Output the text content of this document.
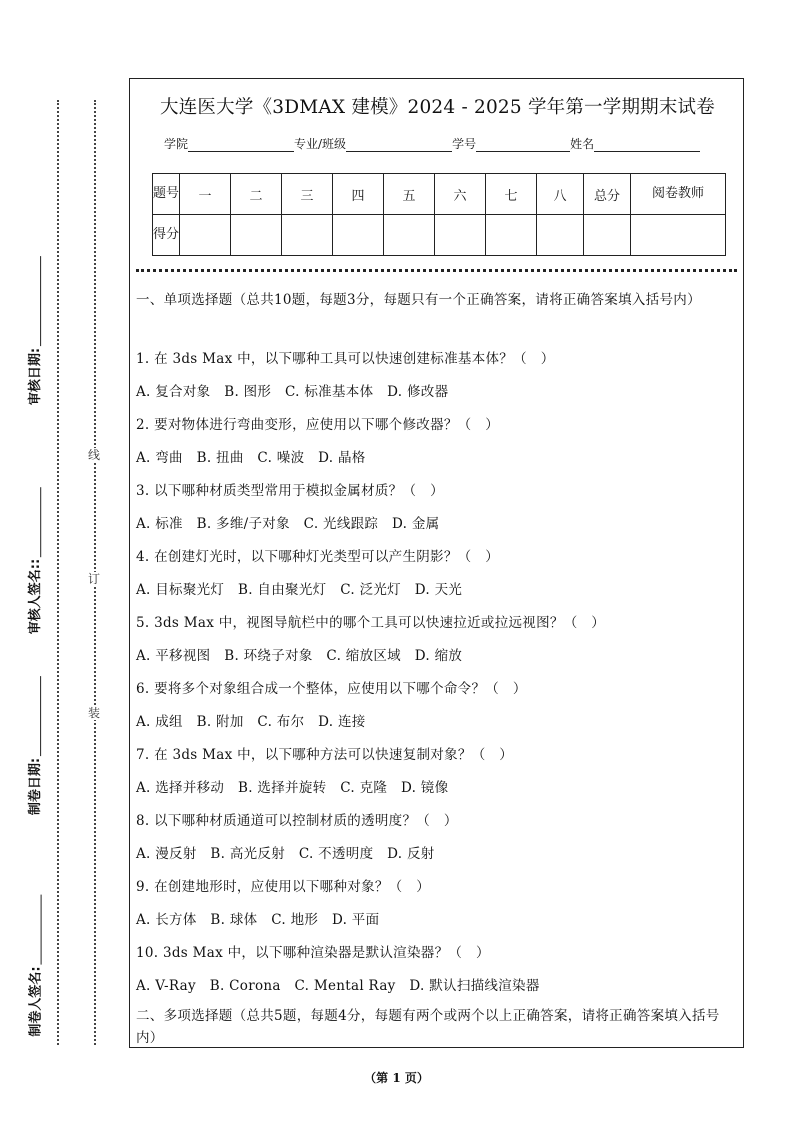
审核日期:
审核人签名::
制卷日期:
制卷人签名:
线
订
装
大连医大学《3DMAX 建模》2024 - 2025 学年第一学期期末试卷
学院	专业/班级	学号	姓名
题号	一	二	三	四	五	六	七	八	总分	阅卷教师
得分										
一、单项选择题（总共10题，每题3分，每题只有一个正确答案，请将正确答案填入括号内）
1. 在 3ds Max 中，以下哪种工具可以快速创建标准基本体？（　）
A. 复合对象　B. 图形　C. 标准基本体　D. 修改器
2. 要对物体进行弯曲变形，应使用以下哪个修改器？（　）
A. 弯曲　B. 扭曲　C. 噪波　D. 晶格
3. 以下哪种材质类型常用于模拟金属材质？（　）
A. 标准　B. 多维/子对象　C. 光线跟踪　D. 金属
4. 在创建灯光时，以下哪种灯光类型可以产生阴影？（　）
A. 目标聚光灯　B. 自由聚光灯　C. 泛光灯　D. 天光
5. 3ds Max 中，视图导航栏中的哪个工具可以快速拉近或拉远视图？（　）
A. 平移视图　B. 环绕子对象　C. 缩放区域　D. 缩放
6. 要将多个对象组合成一个整体，应使用以下哪个命令？（　）
A. 成组　B. 附加　C. 布尔　D. 连接
7. 在 3ds Max 中，以下哪种方法可以快速复制对象？（　）
A. 选择并移动　B. 选择并旋转　C. 克隆　D. 镜像
8. 以下哪种材质通道可以控制材质的透明度？（　）
A. 漫反射　B. 高光反射　C. 不透明度　D. 反射
9. 在创建地形时，应使用以下哪种对象？（　）
A. 长方体　B. 球体　C. 地形　D. 平面
10. 3ds Max 中，以下哪种渲染器是默认渲染器？（　）
A. V-Ray　B. Corona　C. Mental Ray　D. 默认扫描线渲染器
二、多项选择题（总共5题，每题4分，每题有两个或两个以上正确答案，请将正确答案填入括号内）
（第 1 页）
